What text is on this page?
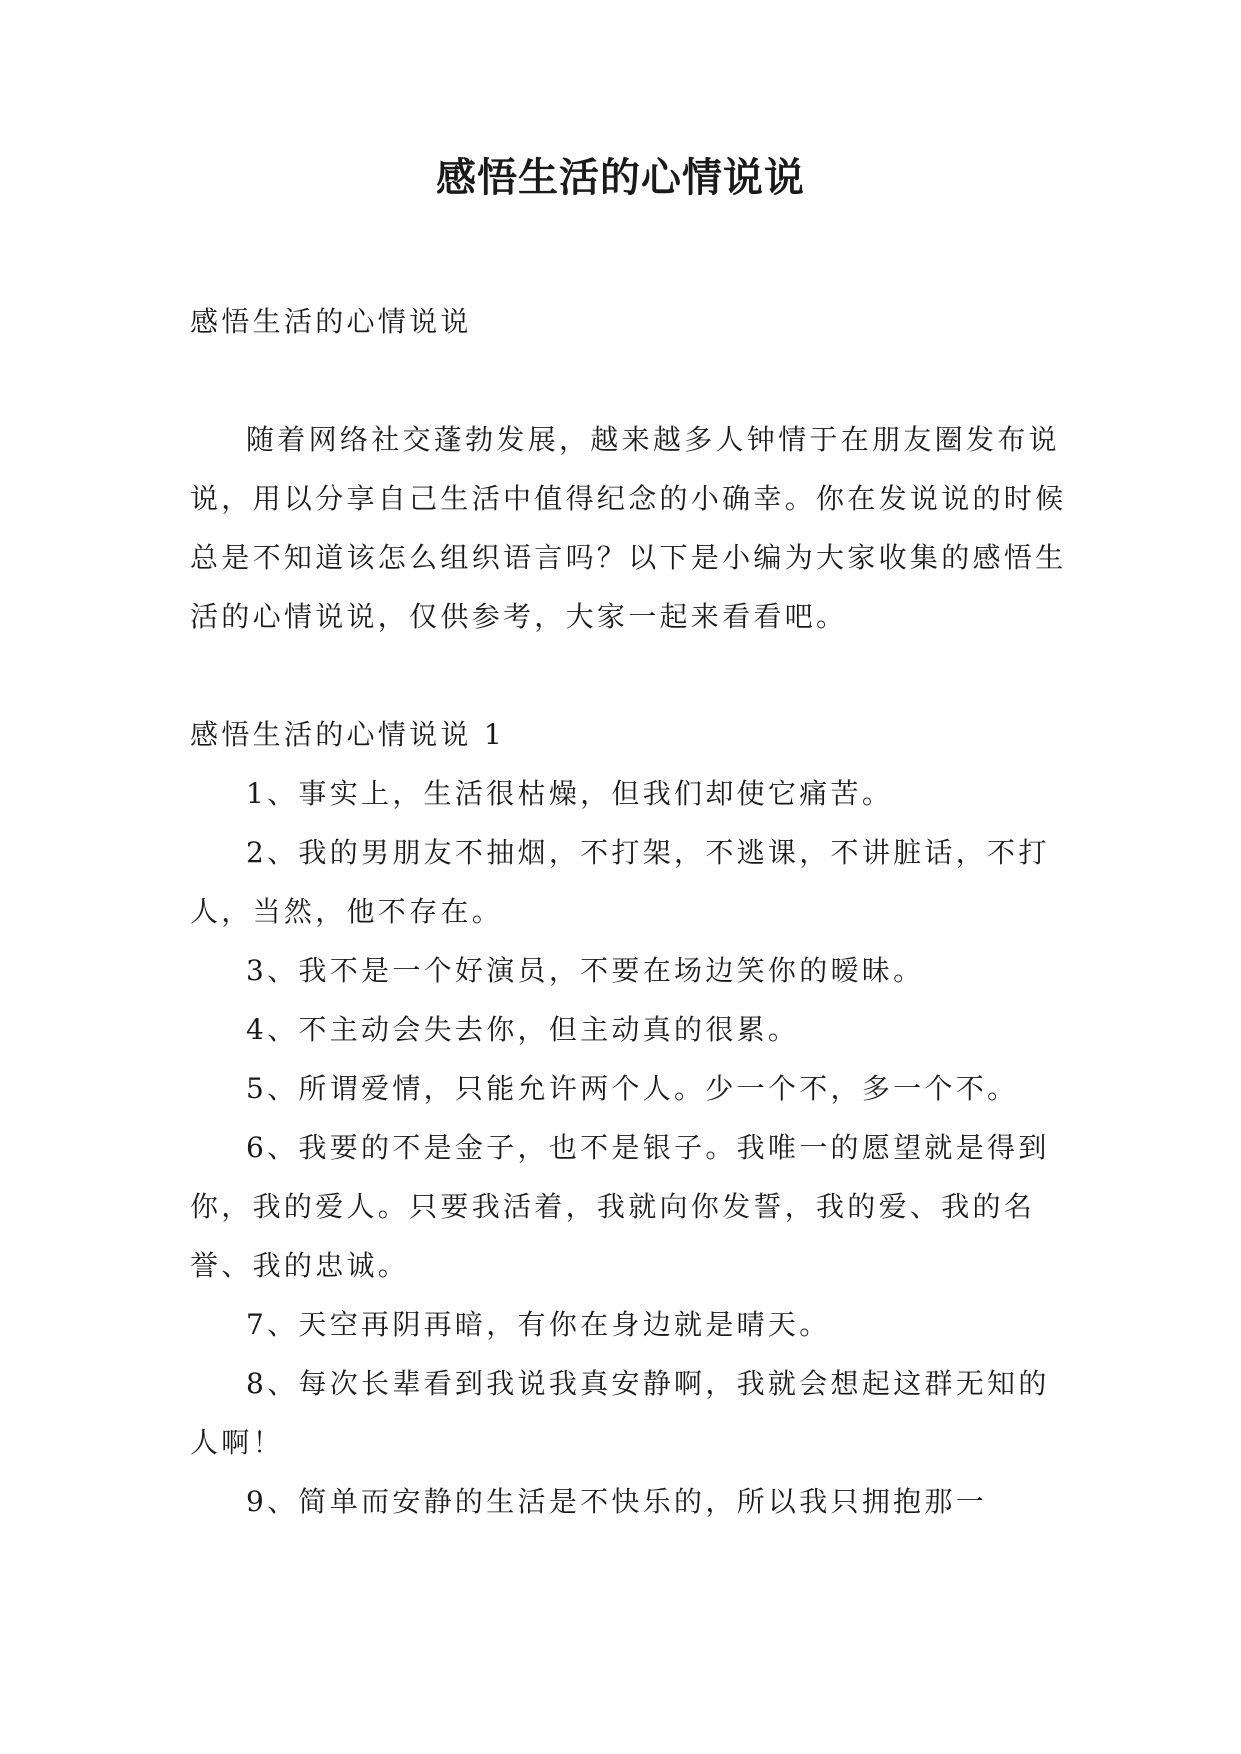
感悟生活的心情说说

感悟生活的心情说说

随着网络社交蓬勃发展，越来越多人钟情于在朋友圈发布说说，用以分享自己生活中值得纪念的小确幸。你在发说说的时候总是不知道该怎么组织语言吗？以下是小编为大家收集的感悟生活的心情说说，仅供参考，大家一起来看看吧。

感悟生活的心情说说 1

1、事实上，生活很枯燥，但我们却使它痛苦。

2、我的男朋友不抽烟，不打架，不逃课，不讲脏话，不打人，当然，他不存在。

3、我不是一个好演员，不要在场边笑你的暧昧。

4、不主动会失去你，但主动真的很累。

5、所谓爱情，只能允许两个人。少一个不，多一个不。

6、我要的不是金子，也不是银子。我唯一的愿望就是得到你，我的爱人。只要我活着，我就向你发誓，我的爱、我的名誉、我的忠诚。

7、天空再阴再暗，有你在身边就是晴天。

8、每次长辈看到我说我真安静啊，我就会想起这群无知的人啊！

9、简单而安静的生活是不快乐的，所以我只拥抱那一
